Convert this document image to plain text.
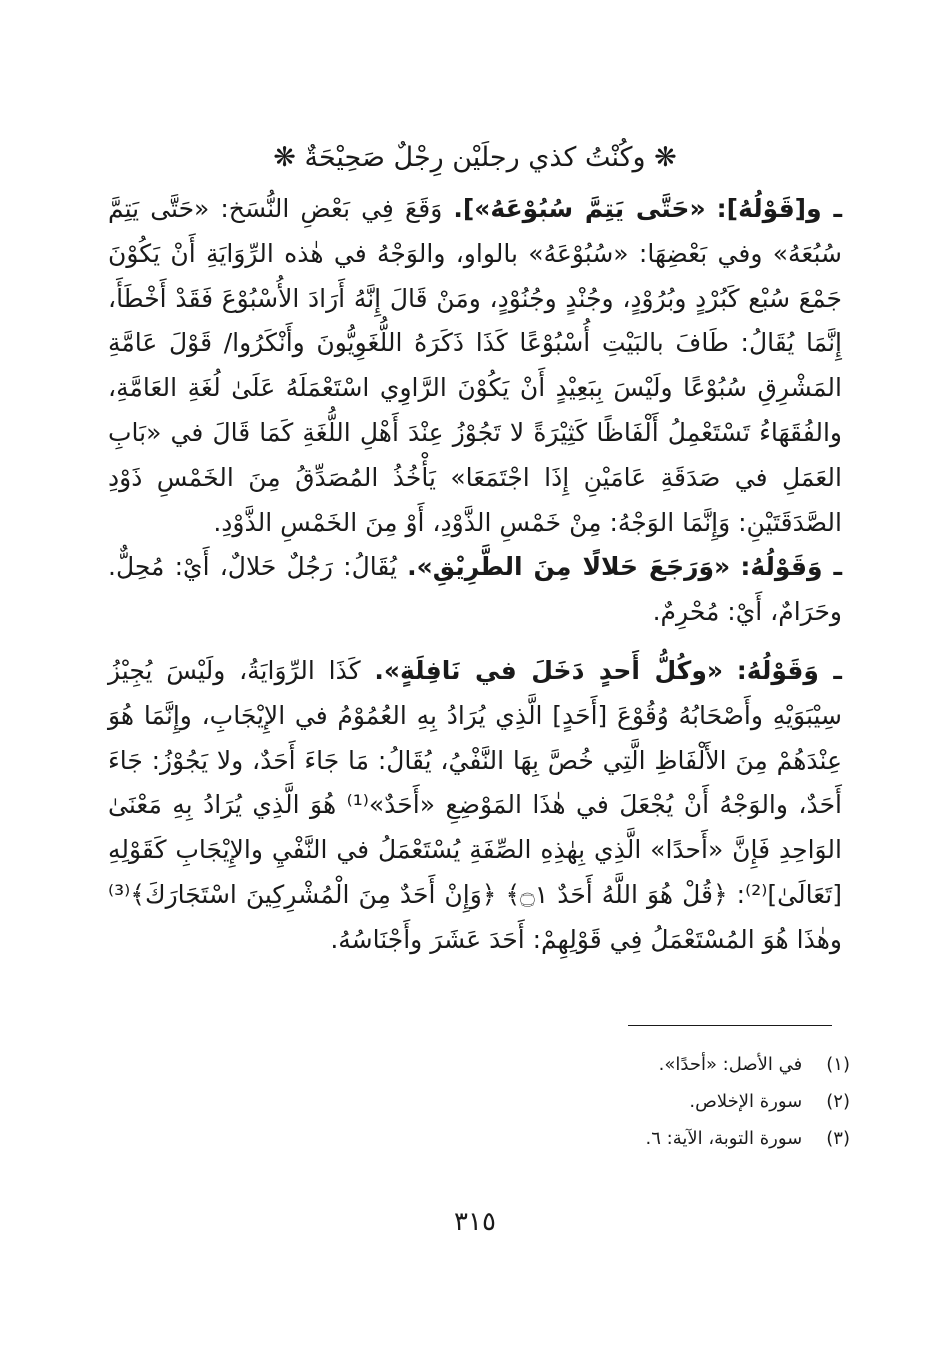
❋ وكُنْتُ كذي رجلَيْن رِجْلٌ صَحِيْحَةٌ ❋

ـ و[قَوْلُهُ]: «حَتَّى يَتِمَّ سُبُوْعَهُ»]. وَقَعَ فِي بَعْضِ النُّسَخ: «حَتَّى يَتِمَّ سُبُعَهُ» وفي بَعْضِهَا: «سُبُوْعَهُ» بالواو، والوَجْهُ في هٰذه الرِّوَايَةِ أَنْ يَكُوْنَ جَمْعَ سُبْع كَبُرْدٍ وبُرُوْدٍ، وجُنْدٍ وجُنُوْدٍ، ومَنْ قَالَ إِنَّهُ أَرَادَ الأُسْبُوْعَ فَقَدْ أَخْطَأَ، إِنَّمَا يُقَالُ: طَافَ بالبَيْتِ أُسْبُوْعًا كَذَا ذَكَرَهُ اللُّغَوِيُّونَ وأَنْكَرُوا/ قَوْلَ عَامَّةِ المَشْرِقِ سُبُوْعًا ولَيْسَ بِبَعِيْدٍ أَنْ يَكُوْنَ الرَّاوِي اسْتَعْمَلَهُ عَلَىٰ لُغَةِ العَامَّةِ، والفُقَهَاءُ تَسْتَعْمِلُ أَلْفَاظًا كَثِيْرَةً لا تَجُوْزُ عِنْدَ أَهْلِ اللُّغَةِ كَمَا قَالَ في «بَابِ العَمَلِ في صَدَقَةِ عَامَيْنِ إِذَا اجْتَمَعَا» يَأْخُذُ المُصَدِّقُ مِنَ الخَمْسِ ذَوْدِ الصَّدَقَتَيْنِ: وَإِنَّمَا الوَجْهُ: مِنْ خَمْسِ الذَّوْدِ، أَوْ مِنَ الخَمْسِ الذَّوْدِ.

ـ وَقَوْلُهُ: «وَرَجَعَ حَلالًا مِنَ الطَّرِيْقِ». يُقَالُ: رَجُلٌ حَلالٌ، أَيْ: مُحِلٌّ. وحَرَامٌ، أَيْ: مُحْرِمٌ.

ـ وَقَوْلُهُ: «وكُلُّ أَحدٍ دَخَلَ في نَافِلَةٍ». كَذَا الرِّوَايَةُ، ولَيْسَ يُجِيْزُ سِيْبَوَيْهِ وأَصْحَابُهُ وُقُوْعَ [أَحَدٍ] الَّذِي يُرَادُ بِهِ العُمُوْمُ في الإِيْجَابِ، وإِنَّمَا هُوَ عِنْدَهُمْ مِنَ الأَلْفَاظِ الَّتِي خُصَّ بِهَا النَّفْيُ، يُقَالُ: مَا جَاءَ أَحَدٌ، ولا يَجُوْزُ: جَاءَ أَحَدٌ، والوَجْهُ أَنْ يُجْعَلَ في هٰذَا المَوْضِعِ «أَحَدٌ»⁽¹⁾ هُوَ الَّذِي يُرَادُ بِهِ مَعْنَىٰ الوَاحِدِ فَإِنَّ «أَحدًا» الَّذِي بِهٰذِهِ الصِّفَةِ يُسْتَعْمَلُ في النَّفْيِ والإِيْجَابِ كَقَوْلِهِ [تَعَالَىٰ]⁽²⁾: ﴿قُلْ هُوَ اللَّهُ أَحَدٌ ۝١﴾ ﴿وَإِنْ أَحَدٌ مِنَ الْمُشْرِكِينَ اسْتَجَارَكَ﴾⁽³⁾ وهٰذَا هُوَ المُسْتَعْمَلُ فِي قَوْلِهِمْ: أَحَدَ عَشَرَ وأَجْنَاسُهُ.

(١) في الأصل: «أحدًا».
(٢) سورة الإخلاص.
(٣) سورة التوبة، الآية: ٦.
٣١٥
